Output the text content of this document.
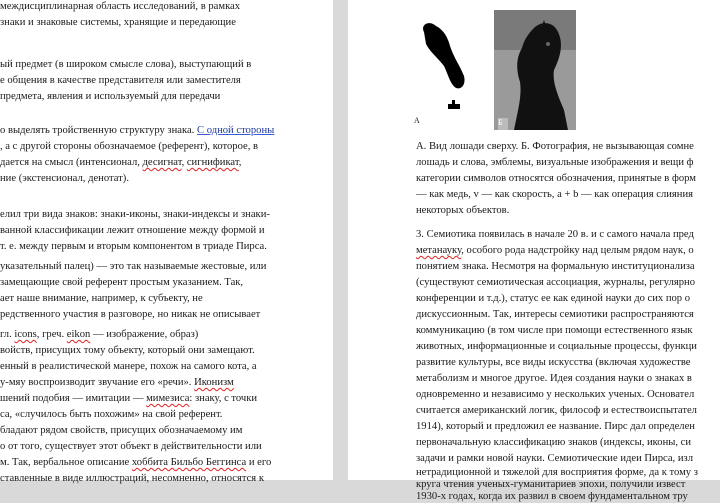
междисциплинарная область исследований, в рамках
знаки и знаковые системы, хранящие и передающие
ый предмет (в широком смысле слова), выступающий в
е общения в качестве представителя или заместителя
предмета, явления и используемый для передачи
о выделять тройственную структуру знака. С одной стороны
, а с другой стороны обозначаемое (референт), которое, в
дается на смысл (интенсионал, десигнат, сигнификат,
ние (экстенсионал, денотат).
елил три вида знаков: знаки-иконы, знаки-индексы и знаки-
ванной классификации лежит отношение между формой и
т. е. между первым и вторым компонентом в триаде Пирса.
указательный палец) — это так называемые жестовые, или
замещающие свой референт простым указанием. Так,
ает наше внимание, например, к субъекту, не
редственного участия в разговоре, но никак не описывает
гл. icons, греч. eikon — изображение, образ)
войств, присущих тому объекту, который они замещают.
енный в реалистической манере, похож на самого кота, а
у-мяу воспроизводит звучание его «речи». Иконизм
шений подобия — имитации — мимезиса: знаку, с точки
са, «случилось быть похожим» на свой референт.
бладают рядом свойств, присущих обозначаемому им
о от того, существует этот объект в действительности или
м. Так, вербальное описание хоббита Бильбо Беггинса и его
ставленные в виде иллюстраций, несомненно, относятся к
А	Б
А. Вид лошади сверху. Б. Фотография, не вызывающая сомне
лошадь и слова, эмблемы, визуальные изображения и вещи ф
категории символов относятся обозначения, принятые в форм
— как медь, v — как скорость, a + b — как операция слияния
некоторых объектов.
3. Семиотика появилась в начале 20 в. и с самого начала пред
метанауку, особого рода надстройку над целым рядом наук, о
понятием знака. Несмотря на формальную институционализа
(существуют семиотическая ассоциация, журналы, регулярно
конференции и т.д.), статус ее как единой науки до сих пор о
дискуссионным. Так, интересы семиотики распространяются
коммуникацию (в том числе при помощи естественного язык
животных, информационные и социальные процессы, функци
развитие культуры, все виды искусства (включая художестве
метаболизм и многое другое. Идея создания науки о знаках в
одновременно и независимо у нескольких ученых. Основател
считается американский логик, философ и естествоиспытател
1914), который и предложил ее название. Пирс дал определен
первоначальную классификацию знаков (индексы, иконы, си
задачи и рамки новой науки. Семиотические идеи Пирса, изл
нетрадиционной и тяжелой для восприятия форме, да к тому з
круга чтения ученых-гуманитариев эпохи, получили извест
1930-х годах, когда их развил в своем фундаментальном тру
